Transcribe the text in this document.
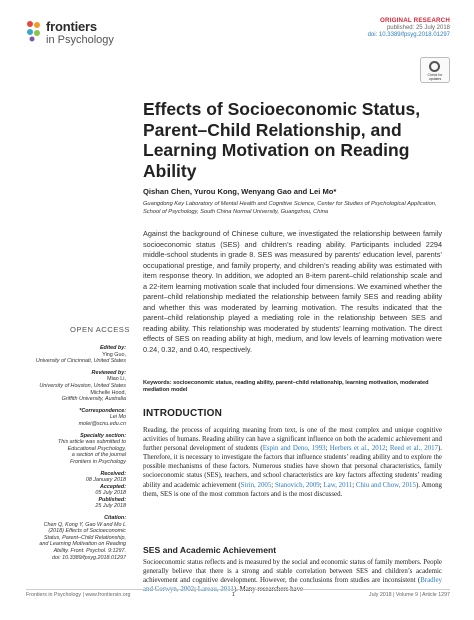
frontiers
in Psychology
ORIGINAL RESEARCH
published: 25 July 2018
doi: 10.3389/fpsyg.2018.01297
Check for updates
Effects of Socioeconomic Status, Parent–Child Relationship, and Learning Motivation on Reading Ability
Qishan Chen, Yurou Kong, Wenyang Gao and Lei Mo*
Guangdong Key Laboratory of Mental Health and Cognitive Science, Center for Studies of Psychological Application, School of Psychology, South China Normal University, Guangzhou, China
Against the background of Chinese culture, we investigated the relationship between family socioeconomic status (SES) and children’s reading ability. Participants included 2294 middle-school students in grade 8. SES was measured by parents’ education level, parents’ occupational prestige, and family property, and children’s reading ability was estimated with item response theory. In addition, we adopted an 8-item parent–child relationship scale and a 22-item learning motivation scale that included four dimensions. We examined whether the parent–child relationship mediated the relationship between family SES and reading ability and whether this was moderated by learning motivation. The results indicated that the parent–child relationship played a mediating role in the relationship between SES and reading ability. This relationship was moderated by students’ learning motivation. The direct effects of SES on reading ability at high, medium, and low levels of learning motivation were 0.24, 0.32, and 0.40, respectively.
Keywords: socioeconomic status, reading ability, parent–child relationship, learning motivation, moderated mediation model
OPEN ACCESS
Edited by:
Ying Guo,
University of Cincinnati, United States
Reviewed by:
Miao Li,
University of Houston, United States
Michelle Hood,
Griffith University, Australia
*Correspondence:
Lei Mo
molei@scnu.edu.cn
Specialty section:
This article was submitted to
Educational Psychology,
a section of the journal
Frontiers in Psychology
Received:
08 January 2018
Accepted:
05 July 2018
Published:
25 July 2018
Citation:
Chen Q, Kong Y, Gao W and Mo L
(2018) Effects of Socioeconomic
Status, Parent–Child Relationship,
and Learning Motivation on Reading
Ability. Front. Psychol. 9:1297.
doi: 10.3389/fpsyg.2018.01297
INTRODUCTION
Reading, the process of acquiring meaning from text, is one of the most complex and unique cognitive activities of humans. Reading ability can have a significant influence on both the academic achievement and further personal development of students (Espin and Deno, 1993; Herbers et al., 2012; Reed et al., 2017). Therefore, it is necessary to investigate the factors that influence students’ reading ability and to explore the possible mechanisms of these factors. Numerous studies have shown that personal characteristics, family socioeconomic status (SES), teachers, and school characteristics are key factors affecting students’ reading ability and academic achievement (Sirin, 2005; Stanovich, 2009; Law, 2011; Chiu and Chow, 2015). Among them, SES is one of the most common factors and is the most discussed.
SES and Academic Achievement
Socioeconomic status reflects and is measured by the social and economic status of family members. People generally believe that there is a strong and stable correlation between SES and children’s academic achievement and cognitive development. However, the conclusions from studies are inconsistent (Bradley and Corwyn, 2002; Lareau, 2011). Many researchers have
Frontiers in Psychology | www.frontiersin.org	1	July 2018 | Volume 9 | Article 1297
